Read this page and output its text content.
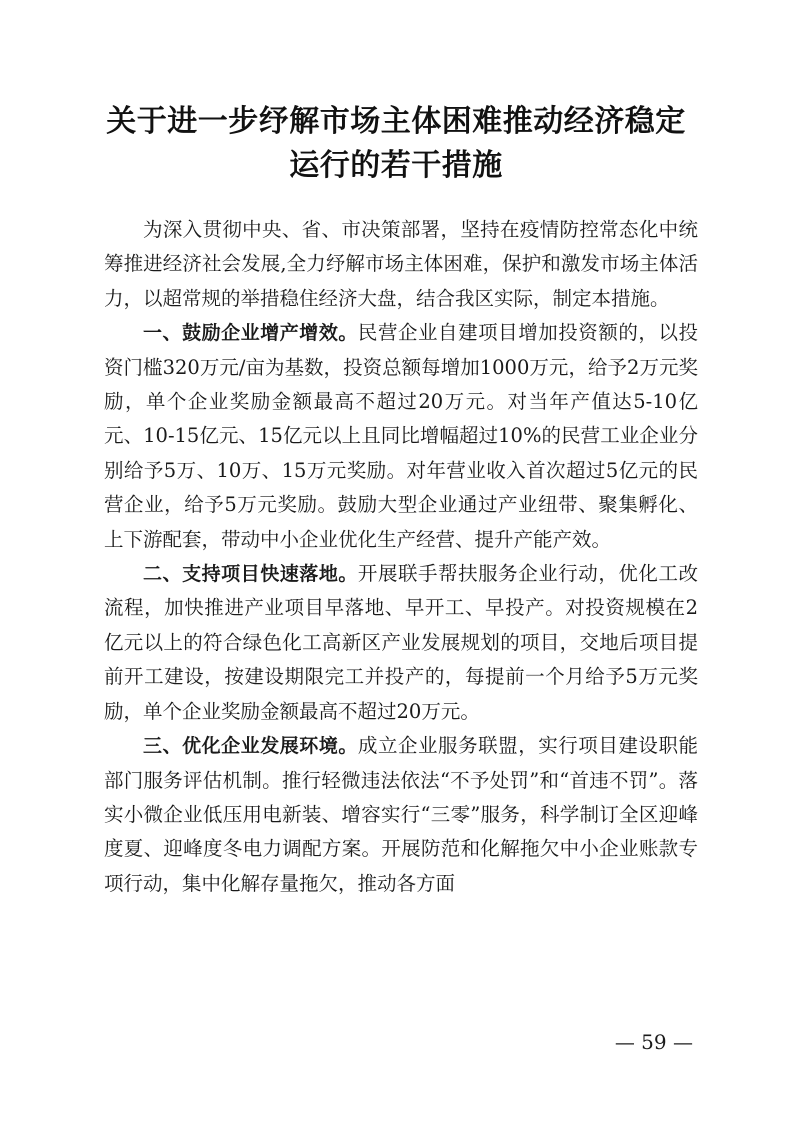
关于进一步纾解市场主体困难推动经济稳定运行的若干措施

为深入贯彻中央、省、市决策部署，坚持在疫情防控常态化中统筹推进经济社会发展,全力纾解市场主体困难，保护和激发市场主体活力，以超常规的举措稳住经济大盘，结合我区实际，制定本措施。

一、鼓励企业增产增效。民营企业自建项目增加投资额的，以投资门槛320万元/亩为基数，投资总额每增加1000万元，给予2万元奖励，单个企业奖励金额最高不超过20万元。对当年产值达5-10亿元、10-15亿元、15亿元以上且同比增幅超过10%的民营工业企业分别给予5万、10万、15万元奖励。对年营业收入首次超过5亿元的民营企业，给予5万元奖励。鼓励大型企业通过产业纽带、聚集孵化、上下游配套，带动中小企业优化生产经营、提升产能产效。

二、支持项目快速落地。开展联手帮扶服务企业行动，优化工改流程，加快推进产业项目早落地、早开工、早投产。对投资规模在2亿元以上的符合绿色化工高新区产业发展规划的项目，交地后项目提前开工建设，按建设期限完工并投产的，每提前一个月给予5万元奖励，单个企业奖励金额最高不超过20万元。

三、优化企业发展环境。成立企业服务联盟，实行项目建设职能部门服务评估机制。推行轻微违法依法“不予处罚”和“首违不罚”。落实小微企业低压用电新装、增容实行“三零”服务，科学制订全区迎峰度夏、迎峰度冬电力调配方案。开展防范和化解拖欠中小企业账款专项行动，集中化解存量拖欠，推动各方面

— 59 —
